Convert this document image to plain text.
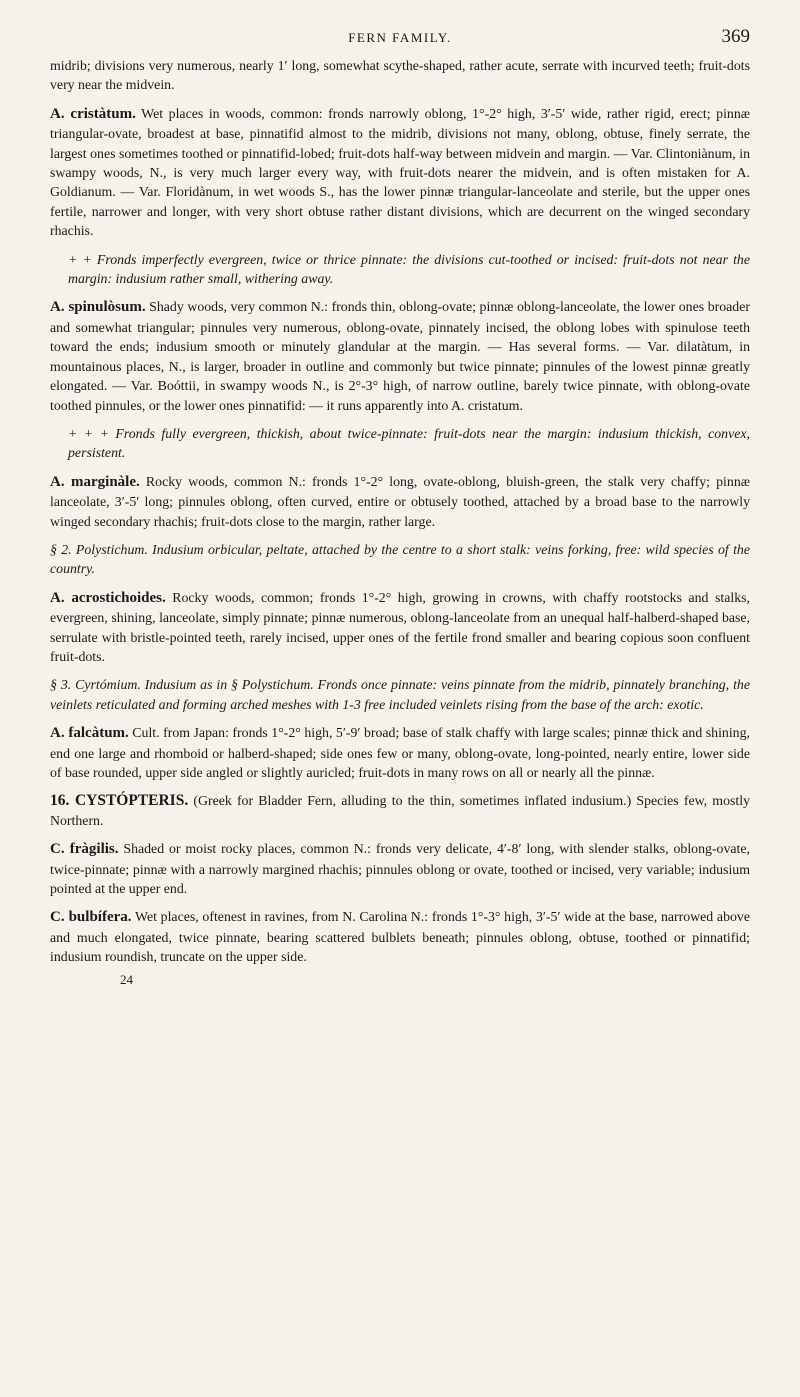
FERN FAMILY.	369

midrib; divisions very numerous, nearly 1′ long, somewhat scythe-shaped, rather acute, serrate with incurved teeth; fruit-dots very near the midvein.

A. cristàtum. Wet places in woods, common: fronds narrowly oblong, 1°-2° high, 3′-5′ wide, rather rigid, erect; pinnæ triangular-ovate, broadest at base, pinnatifid almost to the midrib, divisions not many, oblong, obtuse, finely serrate, the largest ones sometimes toothed or pinnatifid-lobed; fruit-dots half-way between midvein and margin. — Var. Clintoniànum, in swampy woods, N., is very much larger every way, with fruit-dots nearer the midvein, and is often mistaken for A. Goldianum. — Var. Floridànum, in wet woods S., has the lower pinnæ triangular-lanceolate and sterile, but the upper ones fertile, narrower and longer, with very short obtuse rather distant divisions, which are decurrent on the winged secondary rhachis.

+ + Fronds imperfectly evergreen, twice or thrice pinnate: the divisions cut-toothed or incised: fruit-dots not near the margin: indusium rather small, withering away.

A. spinulòsum. Shady woods, very common N.: fronds thin, oblong-ovate; pinnæ oblong-lanceolate, the lower ones broader and somewhat triangular; pinnules very numerous, oblong-ovate, pinnately incised, the oblong lobes with spinulose teeth toward the ends; indusium smooth or minutely glandular at the margin. — Has several forms. — Var. dilatàtum, in mountainous places, N., is larger, broader in outline and commonly but twice pinnate; pinnules of the lowest pinnæ greatly elongated. — Var. Boóttii, in swampy woods N., is 2°-3° high, of narrow outline, barely twice pinnate, with oblong-ovate toothed pinnules, or the lower ones pinnatifid: — it runs apparently into A. cristatum.

+ + + Fronds fully evergreen, thickish, about twice-pinnate: fruit-dots near the margin: indusium thickish, convex, persistent.

A. marginàle. Rocky woods, common N.: fronds 1°-2° long, ovate-oblong, bluish-green, the stalk very chaffy; pinnæ lanceolate, 3′-5′ long; pinnules oblong, often curved, entire or obtusely toothed, attached by a broad base to the narrowly winged secondary rhachis; fruit-dots close to the margin, rather large.

§ 2. Polystichum. Indusium orbicular, peltate, attached by the centre to a short stalk: veins forking, free: wild species of the country.

A. acrostichoides. Rocky woods, common; fronds 1°-2° high, growing in crowns, with chaffy rootstocks and stalks, evergreen, shining, lanceolate, simply pinnate; pinnæ numerous, oblong-lanceolate from an unequal half-halberd-shaped base, serrulate with bristle-pointed teeth, rarely incised, upper ones of the fertile frond smaller and bearing copious soon confluent fruit-dots.

§ 3. Cyrtómium. Indusium as in § Polystichum. Fronds once pinnate: veins pinnate from the midrib, pinnately branching, the veinlets reticulated and forming arched meshes with 1-3 free included veinlets rising from the base of the arch: exotic.

A. falcàtum. Cult. from Japan: fronds 1°-2° high, 5′-9′ broad; base of stalk chaffy with large scales; pinnæ thick and shining, end one large and rhomboid or halberd-shaped; side ones few or many, oblong-ovate, long-pointed, nearly entire, lower side of base rounded, upper side angled or slightly auricled; fruit-dots in many rows on all or nearly all the pinnæ.

16. CYSTÓPTERIS. (Greek for Bladder Fern, alluding to the thin, sometimes inflated indusium.) Species few, mostly Northern.

C. fràgilis. Shaded or moist rocky places, common N.: fronds very delicate, 4′-8′ long, with slender stalks, oblong-ovate, twice-pinnate; pinnæ with a narrowly margined rhachis; pinnules oblong or ovate, toothed or incised, very variable; indusium pointed at the upper end.

C. bulbífera. Wet places, oftenest in ravines, from N. Carolina N.: fronds 1°-3° high, 3′-5′ wide at the base, narrowed above and much elongated, twice pinnate, bearing scattered bulblets beneath; pinnules oblong, obtuse, toothed or pinnatifid; indusium roundish, truncate on the upper side.

24
